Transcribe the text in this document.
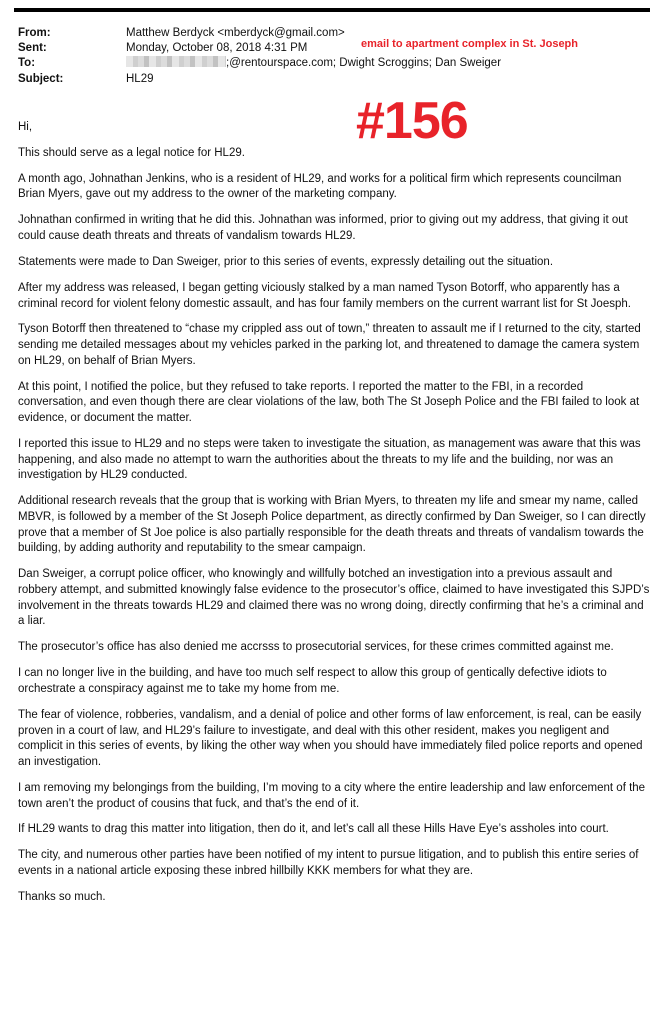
From:	Matthew Berdyck <mberdyck@gmail.com>
Sent:	Monday, October 08, 2018 4:31 PM
To:	;@rentourspace.com; Dwight Scroggins; Dan Sweiger
Subject:	HL29
email to apartment complex in St. Joseph
#156

Hi,

This should serve as a legal notice for HL29.

A month ago, Johnathan Jenkins, who is a resident of HL29, and works for a political firm which represents councilman Brian Myers, gave out my address to the owner of the marketing company.

Johnathan confirmed in writing that he did this. Johnathan was informed, prior to giving out my address, that giving it out could cause death threats and threats of vandalism towards HL29.

Statements were made to Dan Sweiger, prior to this series of events, expressly detailing out the situation.

After my address was released, I began getting viciously stalked by a man named Tyson Botorff, who apparently has a criminal record for violent felony domestic assault, and has four family members on the current warrant list for St Joesph.

Tyson Botorff then threatened to “chase my crippled ass out of town,” threaten to assault me if I returned to the city, started sending me detailed messages about my vehicles parked in the parking lot, and threatened to damage the camera system on HL29, on behalf of Brian Myers.

At this point, I notified the police, but they refused to take reports. I reported the matter to the FBI, in a recorded conversation, and even though there are clear violations of the law, both The St Joseph Police and the FBI failed to look at evidence, or document the matter.

I reported this issue to HL29 and no steps were taken to investigate the situation, as management was aware that this was happening, and also made no attempt to warn the authorities about the threats to my life and the building, nor was an investigation by HL29 conducted.

Additional research reveals that the group that is working with Brian Myers, to threaten my life and smear my name, called MBVR, is followed by a member of the St Joseph Police department, as directly confirmed by Dan Sweiger, so I can directly prove that a member of St Joe police is also partially responsible for the death threats and threats of vandalism towards the building, by adding authority and reputability to the smear campaign.

Dan Sweiger, a corrupt police officer, who knowingly and willfully botched an investigation into a previous assault and robbery attempt, and submitted knowingly false evidence to the prosecutor’s office, claimed to have investigated this SJPD’s involvement in the threats towards HL29 and claimed there was no wrong doing, directly confirming that he’s a criminal and a liar.

The prosecutor’s office has also denied me accrsss to prosecutorial services, for these crimes committed against me.

I can no longer live in the building, and have too much self respect to allow this group of gentically defective idiots to orchestrate a conspiracy against me to take my home from me.

The fear of violence, robberies, vandalism, and a denial of police and other forms of law enforcement, is real, can be easily proven in a court of law, and HL29’s failure to investigate, and deal with this other resident, makes you negligent and complicit in this series of events, by liking the other way when you should have immediately filed police reports and opened an investigation.

I am removing my belongings from the building, I’m moving to a city where the entire leadership and law enforcement of the town aren’t the product of cousins that fuck, and that’s the end of it.

If HL29 wants to drag this matter into litigation, then do it, and let’s call all these Hills Have Eye’s assholes into court.

The city, and numerous other parties have been notified of my intent to pursue litigation, and to publish this entire series of events in a national article exposing these inbred hillbilly KKK members for what they are.

Thanks so much.
